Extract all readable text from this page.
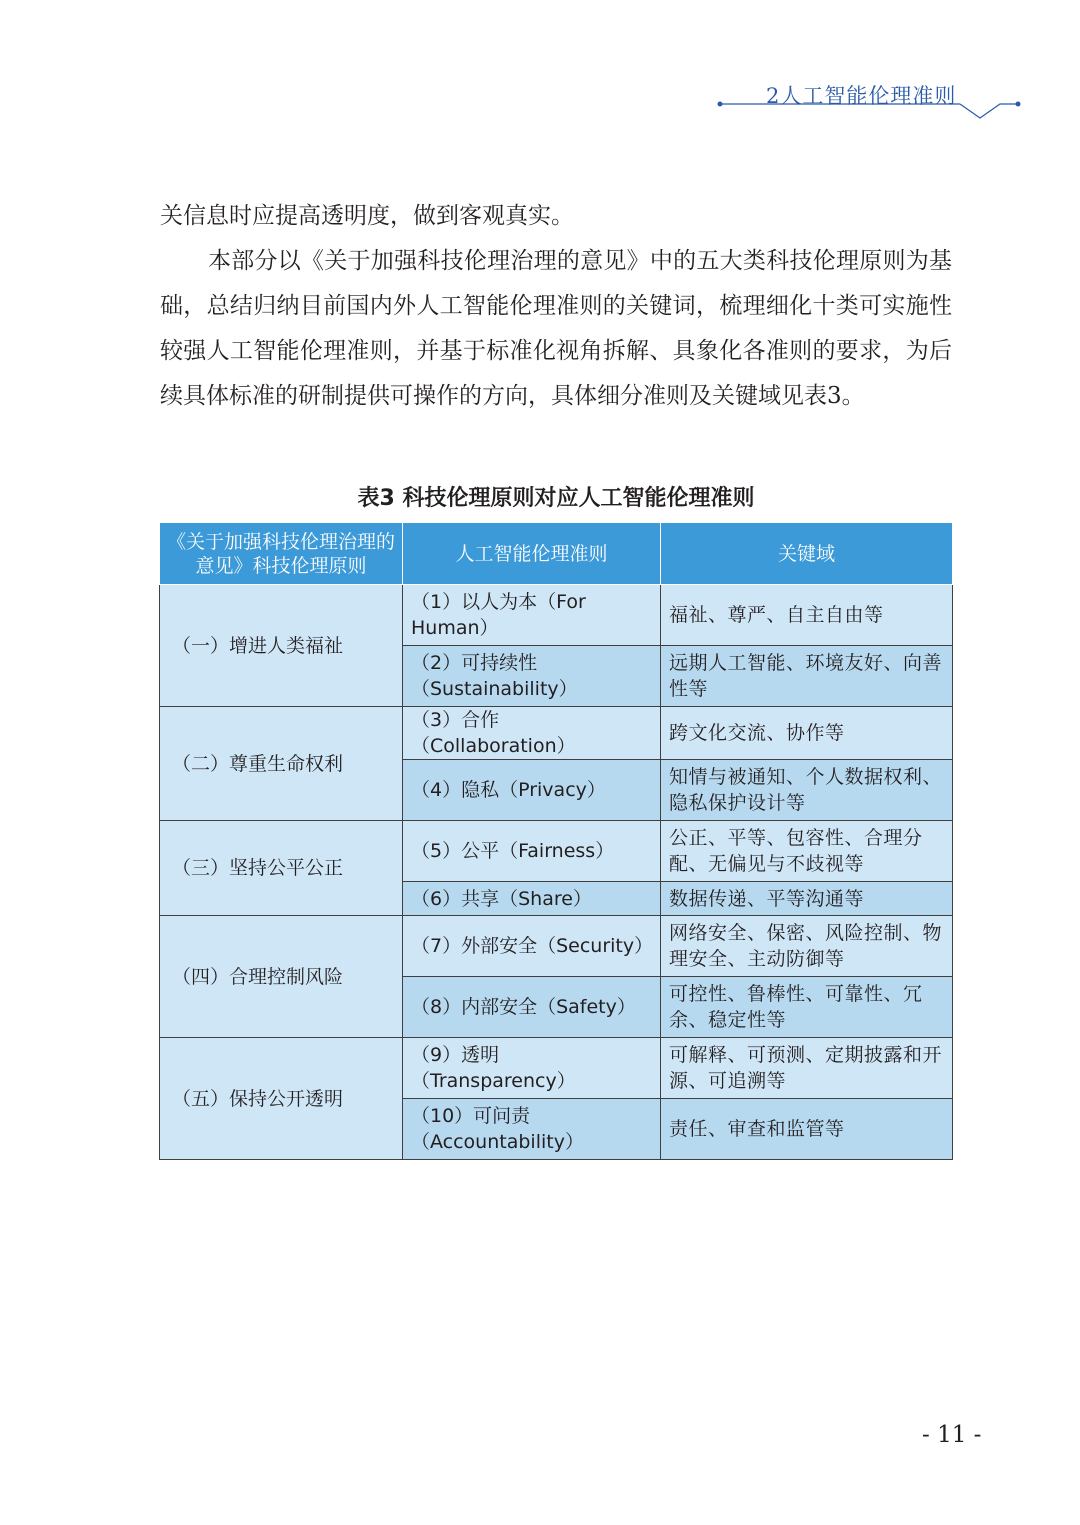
2人工智能伦理准则
关信息时应提高透明度，做到客观真实。
本部分以《关于加强科技伦理治理的意见》中的五大类科技伦理原则为基础，总结归纳目前国内外人工智能伦理准则的关键词，梳理细化十类可实施性较强人工智能伦理准则，并基于标准化视角拆解、具象化各准则的要求，为后续具体标准的研制提供可操作的方向，具体细分准则及关键域见表3。
表3 科技伦理原则对应人工智能伦理准则
《关于加强科技伦理治理的意见》科技伦理原则	人工智能伦理准则	关键域
（一）增进人类福祉	（1）以人为本（For Human）	福祉、尊严、自主自由等
	（2）可持续性（Sustainability）	远期人工智能、环境友好、向善性等
（二）尊重生命权利	（3）合作（Collaboration）	跨文化交流、协作等
	（4）隐私（Privacy）	知情与被通知、个人数据权利、隐私保护设计等
（三）坚持公平公正	（5）公平（Fairness）	公正、平等、包容性、合理分配、无偏见与不歧视等
	（6）共享（Share）	数据传递、平等沟通等
（四）合理控制风险	（7）外部安全（Security）	网络安全、保密、风险控制、物理安全、主动防御等
	（8）内部安全（Safety）	可控性、鲁棒性、可靠性、冗余、稳定性等
（五）保持公开透明	（9）透明（Transparency）	可解释、可预测、定期披露和开源、可追溯等
	（10）可问责（Accountability）	责任、审查和监管等
- 11 -
